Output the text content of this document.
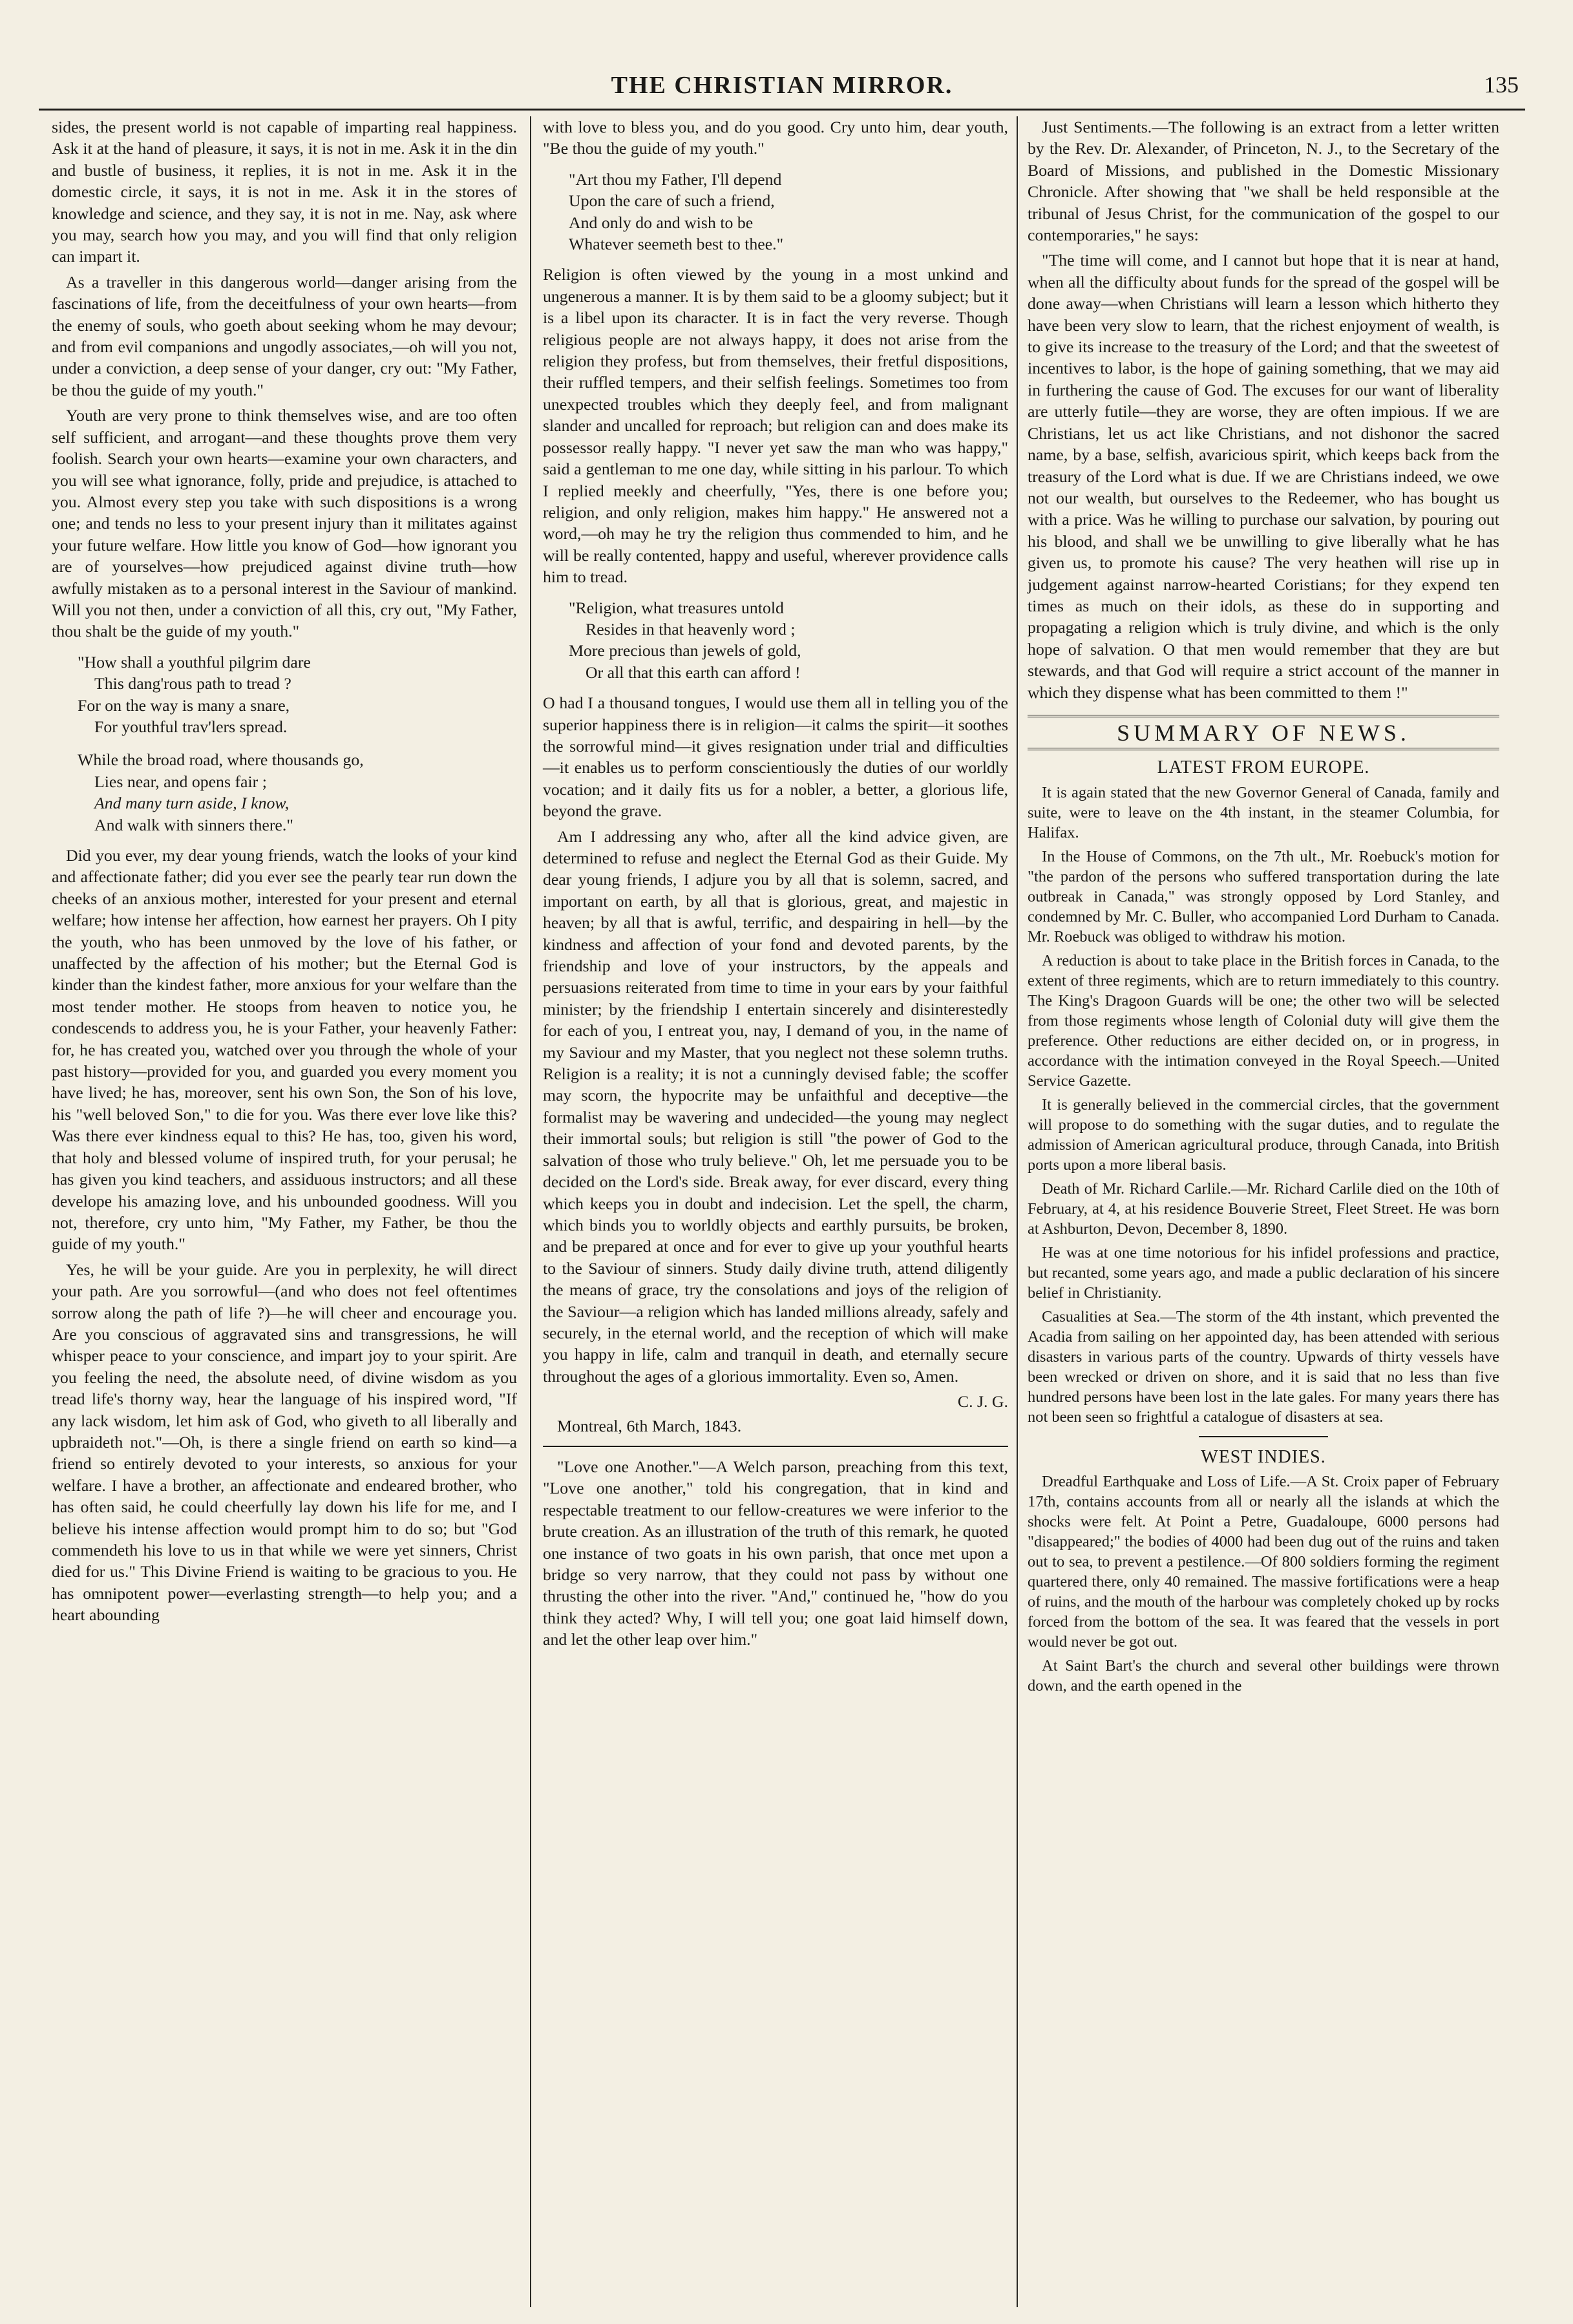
THE CHRISTIAN MIRROR.	135

sides, the present world is not capable of imparting real happiness. Ask it at the hand of pleasure, it says, it is not in me. Ask it in the din and bustle of business, it replies, it is not in me. Ask it in the domestic circle, it says, it is not in me. Ask it in the stores of knowledge and science, and they say, it is not in me. Nay, ask where you may, search how you may, and you will find that only religion can impart it.

As a traveller in this dangerous world—danger arising from the fascinations of life, from the deceitfulness of your own hearts—from the enemy of souls, who goeth about seeking whom he may devour; and from evil companions and ungodly associates,—oh will you not, under a conviction, a deep sense of your danger, cry out: "My Father, be thou the guide of my youth."

Youth are very prone to think themselves wise, and are too often self sufficient, and arrogant—and these thoughts prove them very foolish. Search your own hearts—examine your own characters, and you will see what ignorance, folly, pride and prejudice, is attached to you. Almost every step you take with such dispositions is a wrong one; and tends no less to your present injury than it militates against your future welfare. How little you know of God—how ignorant you are of yourselves—how prejudiced against divine truth—how awfully mistaken as to a personal interest in the Saviour of mankind. Will you not then, under a conviction of all this, cry out, "My Father, thou shalt be the guide of my youth."

"How shall a youthful pilgrim dare
This dang'rous path to tread ?
For on the way is many a snare,
For youthful trav'lers spread.
While the broad road, where thousands go,
Lies near, and opens fair ;
And many turn aside, I know,
And walk with sinners there."

Did you ever, my dear young friends, watch the looks of your kind and affectionate father; did you ever see the pearly tear run down the cheeks of an anxious mother, interested for your present and eternal welfare; how intense her affection, how earnest her prayers. Oh I pity the youth, who has been unmoved by the love of his father, or unaffected by the affection of his mother; but the Eternal God is kinder than the kindest father, more anxious for your welfare than the most tender mother. He stoops from heaven to notice you, he condescends to address you, he is your Father, your heavenly Father: for, he has created you, watched over you through the whole of your past history—provided for you, and guarded you every moment you have lived; he has, moreover, sent his own Son, the Son of his love, his "well beloved Son," to die for you. Was there ever love like this? Was there ever kindness equal to this? He has, too, given his word, that holy and blessed volume of inspired truth, for your perusal; he has given you kind teachers, and assiduous instructors; and all these develope his amazing love, and his unbounded goodness. Will you not, therefore, cry unto him, "My Father, my Father, be thou the guide of my youth."

Yes, he will be your guide. Are you in perplexity, he will direct your path. Are you sorrowful—(and who does not feel oftentimes sorrow along the path of life ?)—he will cheer and encourage you. Are you conscious of aggravated sins and transgressions, he will whisper peace to your conscience, and impart joy to your spirit. Are you feeling the need, the absolute need, of divine wisdom as you tread life's thorny way, hear the language of his inspired word, "If any lack wisdom, let him ask of God, who giveth to all liberally and upbraideth not."—Oh, is there a single friend on earth so kind—a friend so entirely devoted to your interests, so anxious for your welfare. I have a brother, an affectionate and endeared brother, who has often said, he could cheerfully lay down his life for me, and I believe his intense affection would prompt him to do so; but "God commendeth his love to us in that while we were yet sinners, Christ died for us." This Divine Friend is waiting to be gracious to you. He has omnipotent power—everlasting strength—to help you; and a heart abounding

with love to bless you, and do you good. Cry unto him, dear youth, "Be thou the guide of my youth."

"Art thou my Father, I'll depend
Upon the care of such a friend,
And only do and wish to be
Whatever seemeth best to thee."

Religion is often viewed by the young in a most unkind and ungenerous a manner. It is by them said to be a gloomy subject; but it is a libel upon its character. It is in fact the very reverse. Though religious people are not always happy, it does not arise from the religion they profess, but from themselves, their fretful dispositions, their ruffled tempers, and their selfish feelings. Sometimes too from unexpected troubles which they deeply feel, and from malignant slander and uncalled for reproach; but religion can and does make its possessor really happy. "I never yet saw the man who was happy," said a gentleman to me one day, while sitting in his parlour. To which I replied meekly and cheerfully, "Yes, there is one before you; religion, and only religion, makes him happy." He answered not a word,—oh may he try the religion thus commended to him, and he will be really contented, happy and useful, wherever providence calls him to tread.

"Religion, what treasures untold
Resides in that heavenly word ;
More precious than jewels of gold,
Or all that this earth can afford !

O had I a thousand tongues, I would use them all in telling you of the superior happiness there is in religion—it calms the spirit—it soothes the sorrowful mind—it gives resignation under trial and difficulties—it enables us to perform conscientiously the duties of our worldly vocation; and it daily fits us for a nobler, a better, a glorious life, beyond the grave.

Am I addressing any who, after all the kind advice given, are determined to refuse and neglect the Eternal God as their Guide. My dear young friends, I adjure you by all that is solemn, sacred, and important on earth, by all that is glorious, great, and majestic in heaven; by all that is awful, terrific, and despairing in hell—by the kindness and affection of your fond and devoted parents, by the friendship and love of your instructors, by the appeals and persuasions reiterated from time to time in your ears by your faithful minister; by the friendship I entertain sincerely and disinterestedly for each of you, I entreat you, nay, I demand of you, in the name of my Saviour and my Master, that you neglect not these solemn truths. Religion is a reality; it is not a cunningly devised fable; the scoffer may scorn, the hypocrite may be unfaithful and deceptive—the formalist may be wavering and undecided—the young may neglect their immortal souls; but religion is still "the power of God to the salvation of those who truly believe." Oh, let me persuade you to be decided on the Lord's side. Break away, for ever discard, every thing which keeps you in doubt and indecision. Let the spell, the charm, which binds you to worldly objects and earthly pursuits, be broken, and be prepared at once and for ever to give up your youthful hearts to the Saviour of sinners. Study daily divine truth, attend diligently the means of grace, try the consolations and joys of the religion of the Saviour—a religion which has landed millions already, safely and securely, in the eternal world, and the reception of which will make you happy in life, calm and tranquil in death, and eternally secure throughout the ages of a glorious immortality. Even so, Amen.

C. J. G.

Montreal, 6th March, 1843.

"Love one Another."—A Welch parson, preaching from this text, "Love one another," told his congregation, that in kind and respectable treatment to our fellow-creatures we were inferior to the brute creation. As an illustration of the truth of this remark, he quoted one instance of two goats in his own parish, that once met upon a bridge so very narrow, that they could not pass by without one thrusting the other into the river. "And," continued he, "how do you think they acted? Why, I will tell you; one goat laid himself down, and let the other leap over him."

Just Sentiments.—The following is an extract from a letter written by the Rev. Dr. Alexander, of Princeton, N. J., to the Secretary of the Board of Missions, and published in the Domestic Missionary Chronicle. After showing that "we shall be held responsible at the tribunal of Jesus Christ, for the communication of the gospel to our contemporaries," he says:

"The time will come, and I cannot but hope that it is near at hand, when all the difficulty about funds for the spread of the gospel will be done away—when Christians will learn a lesson which hitherto they have been very slow to learn, that the richest enjoyment of wealth, is to give its increase to the treasury of the Lord; and that the sweetest of incentives to labor, is the hope of gaining something, that we may aid in furthering the cause of God. The excuses for our want of liberality are utterly futile—they are worse, they are often impious. If we are Christians, let us act like Christians, and not dishonor the sacred name, by a base, selfish, avaricious spirit, which keeps back from the treasury of the Lord what is due. If we are Christians indeed, we owe not our wealth, but ourselves to the Redeemer, who has bought us with a price. Was he willing to purchase our salvation, by pouring out his blood, and shall we be unwilling to give liberally what he has given us, to promote his cause? The very heathen will rise up in judgement against narrow-hearted Coristians; for they expend ten times as much on their idols, as these do in supporting and propagating a religion which is truly divine, and which is the only hope of salvation. O that men would remember that they are but stewards, and that God will require a strict account of the manner in which they dispense what has been committed to them !"

SUMMARY OF NEWS.
LATEST FROM EUROPE.

It is again stated that the new Governor General of Canada, family and suite, were to leave on the 4th instant, in the steamer Columbia, for Halifax.

In the House of Commons, on the 7th ult., Mr. Roebuck's motion for "the pardon of the persons who suffered transportation during the late outbreak in Canada," was strongly opposed by Lord Stanley, and condemned by Mr. C. Buller, who accompanied Lord Durham to Canada. Mr. Roebuck was obliged to withdraw his motion.

A reduction is about to take place in the British forces in Canada, to the extent of three regiments, which are to return immediately to this country. The King's Dragoon Guards will be one; the other two will be selected from those regiments whose length of Colonial duty will give them the preference. Other reductions are either decided on, or in progress, in accordance with the intimation conveyed in the Royal Speech.—United Service Gazette.

It is generally believed in the commercial circles, that the government will propose to do something with the sugar duties, and to regulate the admission of American agricultural produce, through Canada, into British ports upon a more liberal basis.

Death of Mr. Richard Carlile.—Mr. Richard Carlile died on the 10th of February, at 4, at his residence Bouverie Street, Fleet Street. He was born at Ashburton, Devon, December 8, 1890.

He was at one time notorious for his infidel professions and practice, but recanted, some years ago, and made a public declaration of his sincere belief in Christianity.

Casualities at Sea.—The storm of the 4th instant, which prevented the Acadia from sailing on her appointed day, has been attended with serious disasters in various parts of the country. Upwards of thirty vessels have been wrecked or driven on shore, and it is said that no less than five hundred persons have been lost in the late gales. For many years there has not been seen so frightful a catalogue of disasters at sea.

WEST INDIES.

Dreadful Earthquake and Loss of Life.—A St. Croix paper of February 17th, contains accounts from all or nearly all the islands at which the shocks were felt. At Point a Petre, Guadaloupe, 6000 persons had "disappeared;" the bodies of 4000 had been dug out of the ruins and taken out to sea, to prevent a pestilence.—Of 800 soldiers forming the regiment quartered there, only 40 remained. The massive fortifications were a heap of ruins, and the mouth of the harbour was completely choked up by rocks forced from the bottom of the sea. It was feared that the vessels in port would never be got out.

At Saint Bart's the church and several other buildings were thrown down, and the earth opened in the
